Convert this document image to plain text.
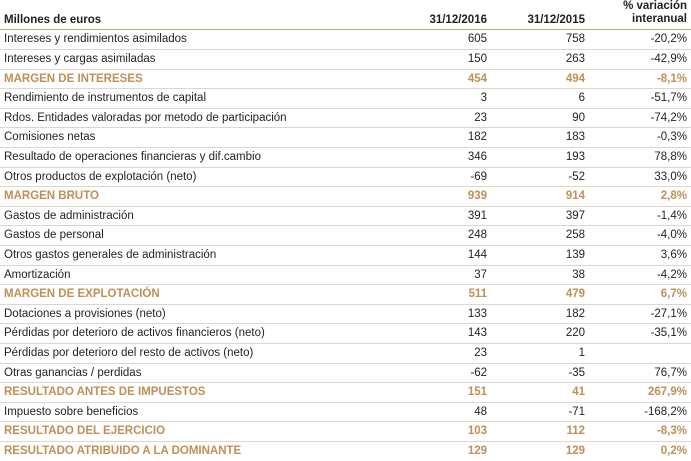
Millones de euros	31/12/2016	31/12/2015	% variación
interanual

Intereses y rendimientos asimilados	605	758	-20,2%
Intereses y cargas asimiladas	150	263	-42,9%
MARGEN DE INTERESES	454	494	-8,1%
Rendimiento de instrumentos de capital	3	6	-51,7%
Rdos. Entidades valoradas por metodo de participación	23	90	-74,2%
Comisiones netas	182	183	-0,3%
Resultado de operaciones financieras y dif.cambio	346	193	78,8%
Otros productos de explotación (neto)	-69	-52	33,0%
MARGEN BRUTO	939	914	2,8%
Gastos de administración	391	397	-1,4%
Gastos de personal	248	258	-4,0%
Otros gastos generales de administración	144	139	3,6%
Amortización	37	38	-4,2%
MARGEN DE EXPLOTACIÓN	511	479	6,7%
Dotaciones a provisiones (neto)	133	182	-27,1%
Pérdidas por deterioro de activos financieros (neto)	143	220	-35,1%
Pérdidas por deterioro del resto de activos (neto)	23	1	
Otras ganancias / perdidas	-62	-35	76,7%
RESULTADO ANTES DE IMPUESTOS	151	41	267,9%
Impuesto sobre beneficios	48	-71	-168,2%
RESULTADO DEL EJERCICIO	103	112	-8,3%
RESULTADO ATRIBUIDO A LA DOMINANTE	129	129	0,2%
